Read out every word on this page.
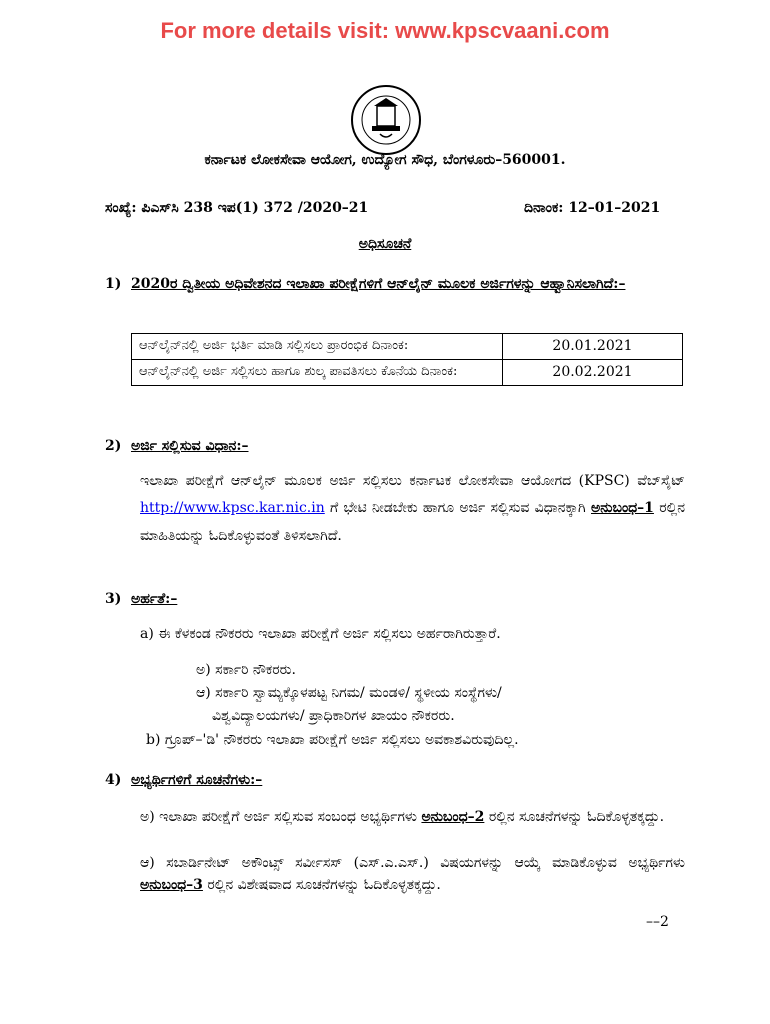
For more details visit: www.kpscvaani.com
ಕರ್ನಾಟಕ ಲೋಕಸೇವಾ ಆಯೋಗ, ಉದ್ಯೋಗ ಸೌಧ, ಬೆಂಗಳೂರು–560001.
ಸಂಖ್ಯೆ: ಪಿಎಸ್‌ಸಿ 238 ಇಪ(1) 372 /2020–21	ದಿನಾಂಕ: 12–01–2021
ಅಧಿಸೂಚನೆ
1) 2020ರ ದ್ವಿತೀಯ ಅಧಿವೇಶನದ ಇಲಾಖಾ ಪರೀಕ್ಷೆಗಳಿಗೆ ಆನ್‌ಲೈನ್ ಮೂಲಕ ಅರ್ಜಿಗಳನ್ನು ಆಹ್ವಾನಿಸಲಾಗಿದೆ:–
ಆನ್‌ಲೈನ್‌ನಲ್ಲಿ ಅರ್ಜಿ ಭರ್ತಿ ಮಾಡಿ ಸಲ್ಲಿಸಲು ಪ್ರಾರಂಭಿಕ ದಿನಾಂಕ:	20.01.2021
ಆನ್‌ಲೈನ್‌ನಲ್ಲಿ ಅರ್ಜಿ ಸಲ್ಲಿಸಲು ಹಾಗೂ ಶುಲ್ಕ ಪಾವತಿಸಲು ಕೊನೆಯ ದಿನಾಂಕ:	20.02.2021
2) ಅರ್ಜಿ ಸಲ್ಲಿಸುವ ವಿಧಾನ:–
ಇಲಾಖಾ ಪರೀಕ್ಷೆಗೆ ಆನ್‌ಲೈನ್ ಮೂಲಕ ಅರ್ಜಿ ಸಲ್ಲಿಸಲು ಕರ್ನಾಟಕ ಲೋಕಸೇವಾ ಆಯೋಗದ (KPSC) ವೆಬ್‌ಸೈಟ್ http://www.kpsc.kar.nic.in ಗೆ ಭೇಟಿ ನೀಡಬೇಕು ಹಾಗೂ ಅರ್ಜಿ ಸಲ್ಲಿಸುವ ವಿಧಾನಕ್ಕಾಗಿ ಅನುಬಂಧ–1 ರಲ್ಲಿನ ಮಾಹಿತಿಯನ್ನು ಓದಿಕೊಳ್ಳುವಂತೆ ತಿಳಿಸಲಾಗಿದೆ.
3) ಅರ್ಹತೆ:–
a) ಈ ಕೆಳಕಂಡ ನೌಕರರು ಇಲಾಖಾ ಪರೀಕ್ಷೆಗೆ ಅರ್ಜಿ ಸಲ್ಲಿಸಲು ಅರ್ಹರಾಗಿರುತ್ತಾರೆ.
ಅ) ಸರ್ಕಾರಿ ನೌಕರರು.
ಆ) ಸರ್ಕಾರಿ ಸ್ವಾಮ್ಯಕ್ಕೊಳಪಟ್ಟ ನಿಗಮ/ ಮಂಡಳಿ/ ಸ್ಥಳೀಯ ಸಂಸ್ಥೆಗಳು/
ವಿಶ್ವವಿದ್ಯಾಲಯಗಳು/ ಪ್ರಾಧಿಕಾರಿಗಳ ಖಾಯಂ ನೌಕರರು.
b) ಗ್ರೂಪ್–'ಡಿ' ನೌಕರರು ಇಲಾಖಾ ಪರೀಕ್ಷೆಗೆ ಅರ್ಜಿ ಸಲ್ಲಿಸಲು ಅವಕಾಶವಿರುವುದಿಲ್ಲ.
4) ಅಭ್ಯರ್ಥಿಗಳಿಗೆ ಸೂಚನೆಗಳು:–
ಅ) ಇಲಾಖಾ ಪರೀಕ್ಷೆಗೆ ಅರ್ಜಿ ಸಲ್ಲಿಸುವ ಸಂಬಂಧ ಅಭ್ಯರ್ಥಿಗಳು ಅನುಬಂಧ–2 ರಲ್ಲಿನ ಸೂಚನೆಗಳನ್ನು ಓದಿಕೊಳ್ಳತಕ್ಕದ್ದು.
ಆ) ಸಬಾರ್ಡಿನೇಟ್ ಅಕೌಂಟ್ಸ್ ಸರ್ವೀಸಸ್ (ಎಸ್.ಎ.ಎಸ್.) ವಿಷಯಗಳನ್ನು ಆಯ್ಕೆ ಮಾಡಿಕೊಳ್ಳುವ ಅಭ್ಯರ್ಥಿಗಳು ಅನುಬಂಧ–3 ರಲ್ಲಿನ ವಿಶೇಷವಾದ ಸೂಚನೆಗಳನ್ನು ಓದಿಕೊಳ್ಳತಕ್ಕದ್ದು.
––2
